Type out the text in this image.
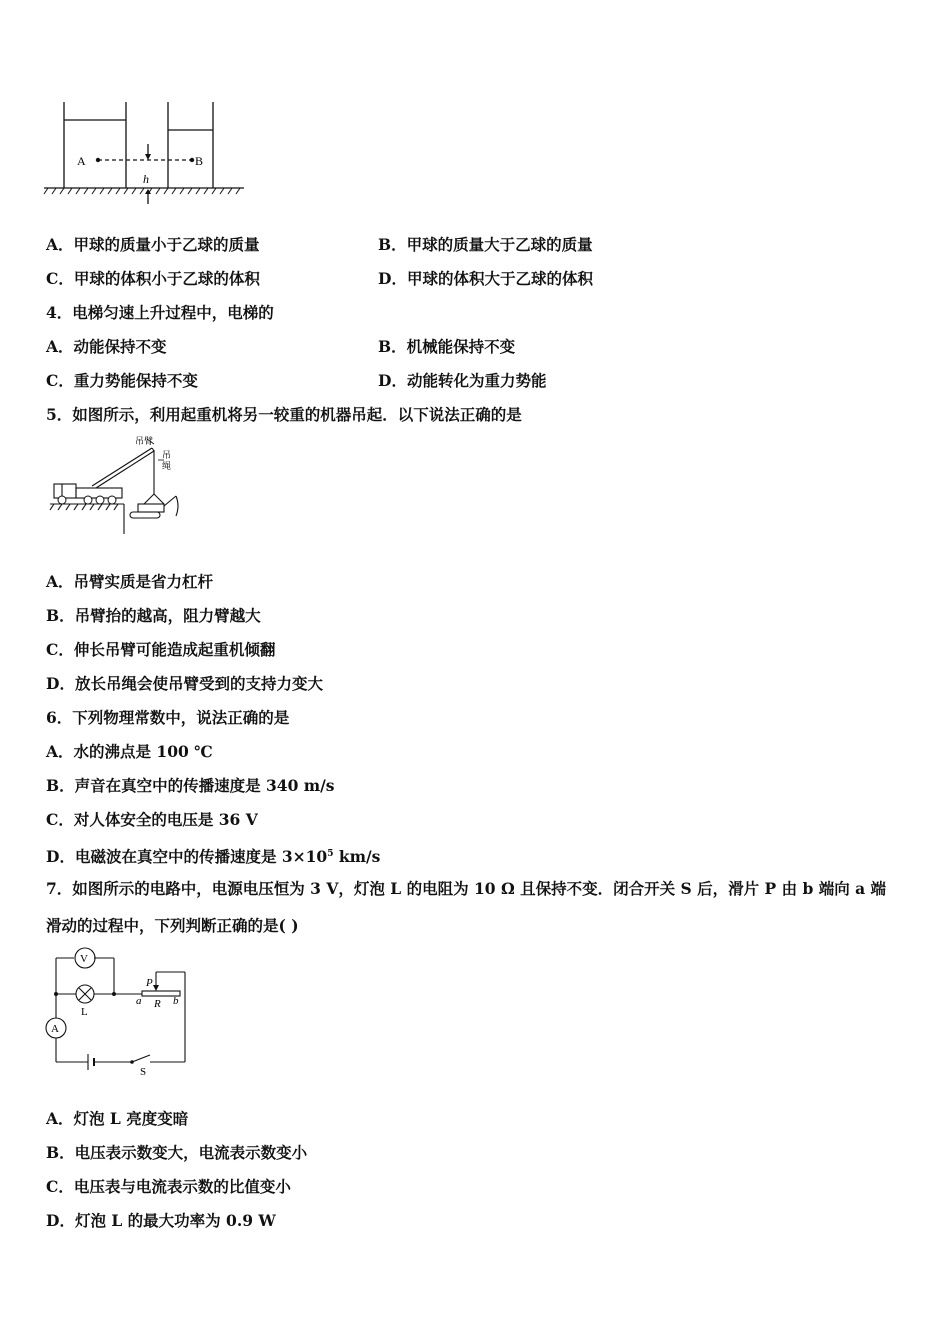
A	B
h
A．甲球的质量小于乙球的质量	B．甲球的质量大于乙球的质量
C．甲球的体积小于乙球的体积	D．甲球的体积大于乙球的体积
4．电梯匀速上升过程中，电梯的
A．动能保持不变	B．机械能保持不变
C．重力势能保持不变	D．动能转化为重力势能
5．如图所示，利用起重机将另一较重的机器吊起．以下说法正确的是
吊臂
吊
绳
A．吊臂实质是省力杠杆
B．吊臂抬的越高，阻力臂越大
C．伸长吊臂可能造成起重机倾翻
D．放长吊绳会使吊臂受到的支持力变大
6．下列物理常数中，说法正确的是
A．水的沸点是 100 ℃
B．声音在真空中的传播速度是 340 m/s
C．对人体安全的电压是 36 V
D．电磁波在真空中的传播速度是 $3\times 10^5$ km/s
7．如图所示的电路中，电源电压恒为 3 V，灯泡 L 的电阻为 10 Ω 且保持不变．闭合开关 S 后，滑片 P 由 b 端向 a 端
滑动的过程中，下列判断正确的是( )
V
A
L
P
R
a	b
S
A．灯泡 L 亮度变暗
B．电压表示数变大，电流表示数变小
C．电压表与电流表示数的比值变小
D．灯泡 L 的最大功率为 0.9 W
